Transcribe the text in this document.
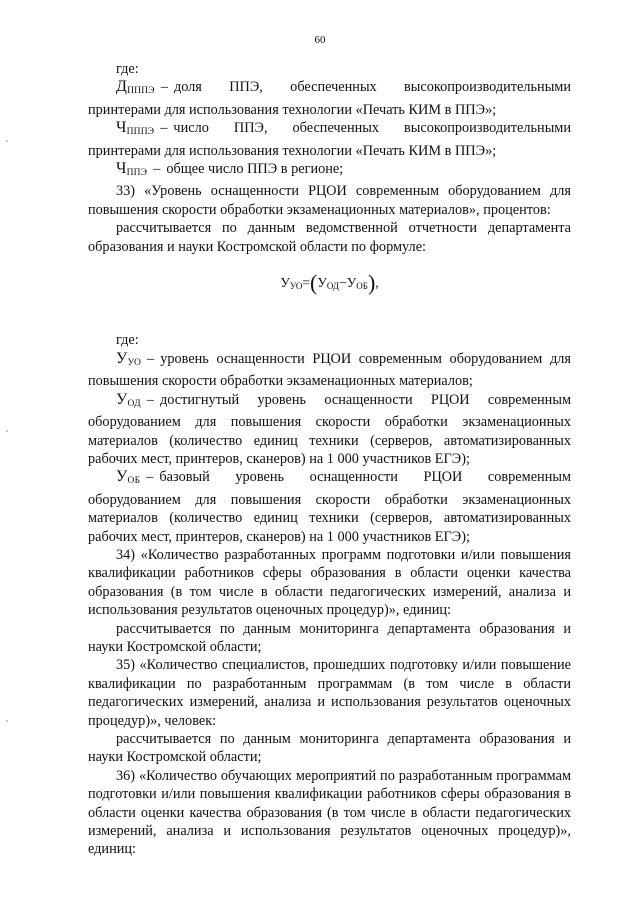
60

где:

$Д_{ПППЭ}$ – доля ППЭ, обеспеченных высокопроизводительными принтерами для использования технологии «Печать КИМ в ППЭ»;

$Ч_{ПППЭ}$ – число ППЭ, обеспеченных высокопроизводительными принтерами для использования технологии «Печать КИМ в ППЭ»;

$Ч_{ППЭ}$ – общее число ППЭ в регионе;

33) «Уровень оснащенности РЦОИ современным оборудованием для повышения скорости обработки экзаменационных материалов», процентов:

рассчитывается по данным ведомственной отчетности департамента образования и науки Костромской области по формуле:

$У_{УО}=(У_{ОД}-У_{ОБ})$,

где:

$У_{УО}$ – уровень оснащенности РЦОИ современным оборудованием для повышения скорости обработки экзаменационных материалов;

$У_{ОД}$ – достигнутый уровень оснащенности РЦОИ современным оборудованием для повышения скорости обработки экзаменационных материалов (количество единиц техники (серверов, автоматизированных рабочих мест, принтеров, сканеров) на 1 000 участников ЕГЭ);

$У_{ОБ}$ – базовый уровень оснащенности РЦОИ современным оборудованием для повышения скорости обработки экзаменационных материалов (количество единиц техники (серверов, автоматизированных рабочих мест, принтеров, сканеров) на 1 000 участников ЕГЭ);

34) «Количество разработанных программ подготовки и/или повышения квалификации работников сферы образования в области оценки качества образования (в том числе в области педагогических измерений, анализа и использования результатов оценочных процедур)», единиц:

рассчитывается по данным мониторинга департамента образования и науки Костромской области;

35) «Количество специалистов, прошедших подготовку и/или повышение квалификации по разработанным программам (в том числе в области педагогических измерений, анализа и использования результатов оценочных процедур)», человек:

рассчитывается по данным мониторинга департамента образования и науки Костромской области;

36) «Количество обучающих мероприятий по разработанным программам подготовки и/или повышения квалификации работников сферы образования в области оценки качества образования (в том числе в области педагогических измерений, анализа и использования результатов оценочных процедур)», единиц:
